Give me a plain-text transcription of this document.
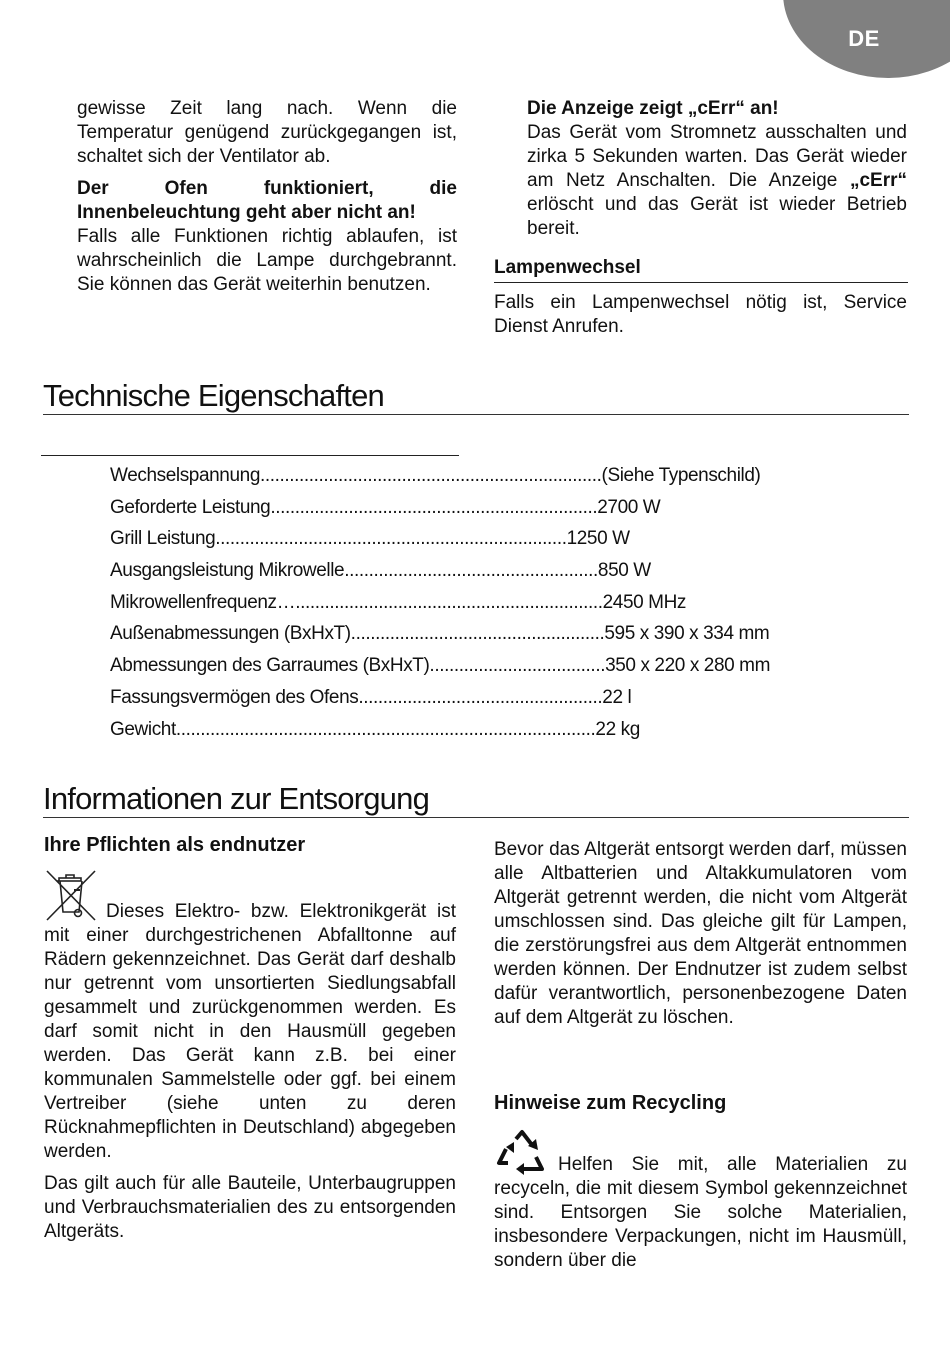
DE

gewisse Zeit lang nach. Wenn die Temperatur genügend zurückgegangen ist, schaltet sich der Ventilator ab.

Der Ofen funktioniert, die Innenbeleuchtung geht aber nicht an!

Falls alle Funktionen richtig ablaufen, ist wahrscheinlich die Lampe durchgebrannt. Sie können das Gerät weiterhin benutzen.

Die Anzeige zeigt „cErr“ an!

Das Gerät vom Stromnetz ausschalten und zirka 5 Sekunden warten. Das Gerät wieder am Netz Anschalten. Die Anzeige „cErr“ erlöscht und das Gerät ist wieder Betrieb bereit.

Lampenwechsel

Falls ein Lampenwechsel nötig ist, Service Dienst Anrufen.

Technische Eigenschaften
Wechselspannung ...................................................................... (Siehe Typenschild)
Geforderte Leistung ................................................................... 2700 W
Grill Leistung ........................................................................ 1250 W
Ausgangsleistung Mikrowelle .................................................... 850 W
Mikrowellenfrequenz …............................................................... 2450 MHz
Außenabmessungen (BxHxT). ................................................... 595 x 390 x 334 mm
Abmessungen des Garraumes (BxHxT). ................................... 350 x 220 x 280 mm
Fassungsvermögen des Ofens. ................................................. 22 l
Gewicht ...................................................................................... 22 kg
Informationen zur Entsorgung
Ihre Pflichten als endnutzer

Dieses Elektro- bzw. Elektronikgerät ist mit einer durchgestrichenen Abfalltonne auf Rädern gekennzeichnet. Das Gerät darf deshalb nur getrennt vom unsortierten Siedlungsabfall gesammelt und zurückgenommen werden. Es darf somit nicht in den Hausmüll gegeben werden. Das Gerät kann z.B. bei einer kommunalen Sammelstelle oder ggf. bei einem Vertreiber (siehe unten zu deren Rücknahmepflichten in Deutschland) abgegeben werden.

Das gilt auch für alle Bauteile, Unterbaugruppen und Verbrauchsmaterialien des zu entsorgenden Altgeräts.

Bevor das Altgerät entsorgt werden darf, müssen alle Altbatterien und Altakkumulatoren vom Altgerät getrennt werden, die nicht vom Altgerät umschlossen sind. Das gleiche gilt für Lampen, die zerstörungsfrei aus dem Altgerät entnommen werden können. Der Endnutzer ist zudem selbst dafür verantwortlich, personenbezogene Daten auf dem Altgerät zu löschen.

Hinweise zum Recycling

Helfen Sie mit, alle Materialien zu recyceln, die mit diesem Symbol gekennzeichnet sind. Entsorgen Sie solche Materialien, insbesondere Verpackungen, nicht im Hausmüll, sondern über die
